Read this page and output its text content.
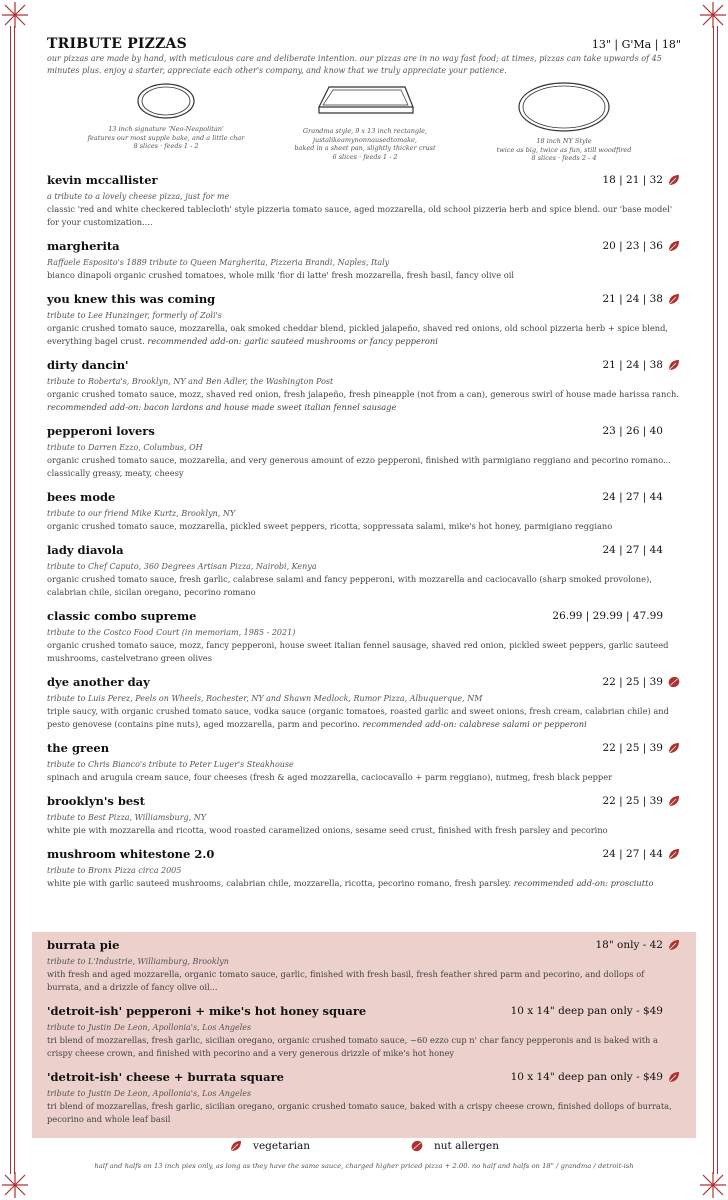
TRIBUTE PIZZAS	13" | G'Ma | 18"
our pizzas are made by hand, with meticulous care and deliberate intention. our pizzas are in no way fast food; at times, pizzas can take upwards of 45 minutes plus. enjoy a starter, appreciate each other's company, and know that we truly appreciate your patience.
13 inch signature 'Neo-Neapolitan'
features our most supple bake, and a little char
8 slices · feeds 1 - 2
Grandma style, 9 x 13 inch rectangle,
justalikeamynonnausedtomake,
baked in a sheet pan, slightly thicker crust
6 slices · feeds 1 - 2
18 inch NY Style
twice as big, twice as fun, still woodfired
8 slices · feeds 2 - 4
kevin mccallister	18 | 21 | 32
a tribute to a lovely cheese pizza, just for me
classic 'red and white checkered tablecloth' style pizzeria tomato sauce, aged mozzarella, old school pizzeria herb and spice blend. our 'base model' for your customization....
margherita	20 | 23 | 36
Raffaele Esposito's 1889 tribute to Queen Margherita, Pizzeria Brandi, Naples, Italy
bianco dinapoli organic crushed tomatoes, whole milk 'fior di latte' fresh mozzarella, fresh basil, fancy olive oil
you knew this was coming	21 | 24 | 38
tribute to Lee Hunzinger, formerly of Zoli's
organic crushed tomato sauce, mozzarella, oak smoked cheddar blend, pickled jalapeño, shaved red onions, old school pizzeria herb + spice blend, everything bagel crust. recommended add-on: garlic sauteed mushrooms or fancy pepperoni
dirty dancin'	21 | 24 | 38
tribute to Roberta's, Brooklyn, NY and Ben Adler, the Washington Post
organic crushed tomato sauce, mozz, shaved red onion, fresh jalapeño, fresh pineapple (not from a can), generous swirl of house made harissa ranch. recommended add-on: bacon lardons and house made sweet italian fennel sausage
pepperoni lovers	23 | 26 | 40
tribute to Darren Ezzo, Columbus, OH
organic crushed tomato sauce, mozzarella, and very generous amount of ezzo pepperoni, finished with parmigiano reggiano and pecorino romano... classically greasy, meaty, cheesy
bees mode	24 | 27 | 44
tribute to our friend Mike Kurtz, Brooklyn, NY
organic crushed tomato sauce, mozzarella, pickled sweet peppers, ricotta, soppressata salami, mike's hot honey, parmigiano reggiano
lady diavola	24 | 27 | 44
tribute to Chef Caputo, 360 Degrees Artisan Pizza, Nairobi, Kenya
organic crushed tomato sauce, fresh garlic, calabrese salami and fancy pepperoni, with mozzarella and caciocavallo (sharp smoked provolone), calabrian chile, sicilan oregano, pecorino romano
classic combo supreme	26.99 | 29.99 | 47.99
tribute to the Costco Food Court (in memoriam, 1985 - 2021)
organic crushed tomato sauce, mozz, fancy pepperoni, house sweet italian fennel sausage, shaved red onion, pickled sweet peppers, garlic sauteed mushrooms, castelvetrano green olives
dye another day	22 | 25 | 39
tribute to Luis Perez, Peels on Wheels, Rochester, NY and Shawn Medlock, Rumor Pizza, Albuquerque, NM
triple saucy, with organic crushed tomato sauce, vodka sauce (organic tomatoes, roasted garlic and sweet onions, fresh cream, calabrian chile) and pesto genovese (contains pine nuts), aged mozzarella, parm and pecorino. recommended add-on: calabrese salami or pepperoni
the green	22 | 25 | 39
tribute to Chris Bianco's tribute to Peter Luger's Steakhouse
spinach and arugula cream sauce, four cheeses (fresh & aged mozzarella, caciocavallo + parm reggiano), nutmeg, fresh black pepper
brooklyn's best	22 | 25 | 39
tribute to Best Pizza, Williamsburg, NY
white pie with mozzarella and ricotta, wood roasted caramelized onions, sesame seed crust, finished with fresh parsley and pecorino
mushroom whitestone 2.0	24 | 27 | 44
tribute to Bronx Pizza circa 2005
white pie with garlic sauteed mushrooms, calabrian chile, mozzarella, ricotta, pecorino romano, fresh parsley. recommended add-on: prosciutto
burrata pie	18" only - 42
tribute to L'Industrie, Williamburg, Brooklyn
with fresh and aged mozzarella, organic tomato sauce, garlic, finished with fresh basil, fresh feather shred parm and pecorino, and dollops of burrata, and a drizzle of fancy olive oil...
'detroit-ish' pepperoni + mike's hot honey square	10 x 14" deep pan only - $49
tribute to Justin De Leon, Apollonia's, Los Angeles
tri blend of mozzarellas, fresh garlic, sicilian oregano, organic crushed tomato sauce, ~60 ezzo cup n' char fancy pepperonis and is baked with a crispy cheese crown, and finished with pecorino and a very generous drizzle of mike's hot honey
'detroit-ish' cheese + burrata square	10 x 14" deep pan only - $49
tribute to Justin De Leon, Apollonia's, Los Angeles
tri blend of mozzarellas, fresh garlic, sicilian oregano, organic crushed tomato sauce, baked with a crispy cheese crown, finished dollops of burrata, pecorino and whole leaf basil
vegetarian	nut allergen
half and halfs on 13 inch pies only, as long as they have the same sauce, charged higher priced pizza + 2.00. no half and halfs on 18" / grandma / detroit-ish
